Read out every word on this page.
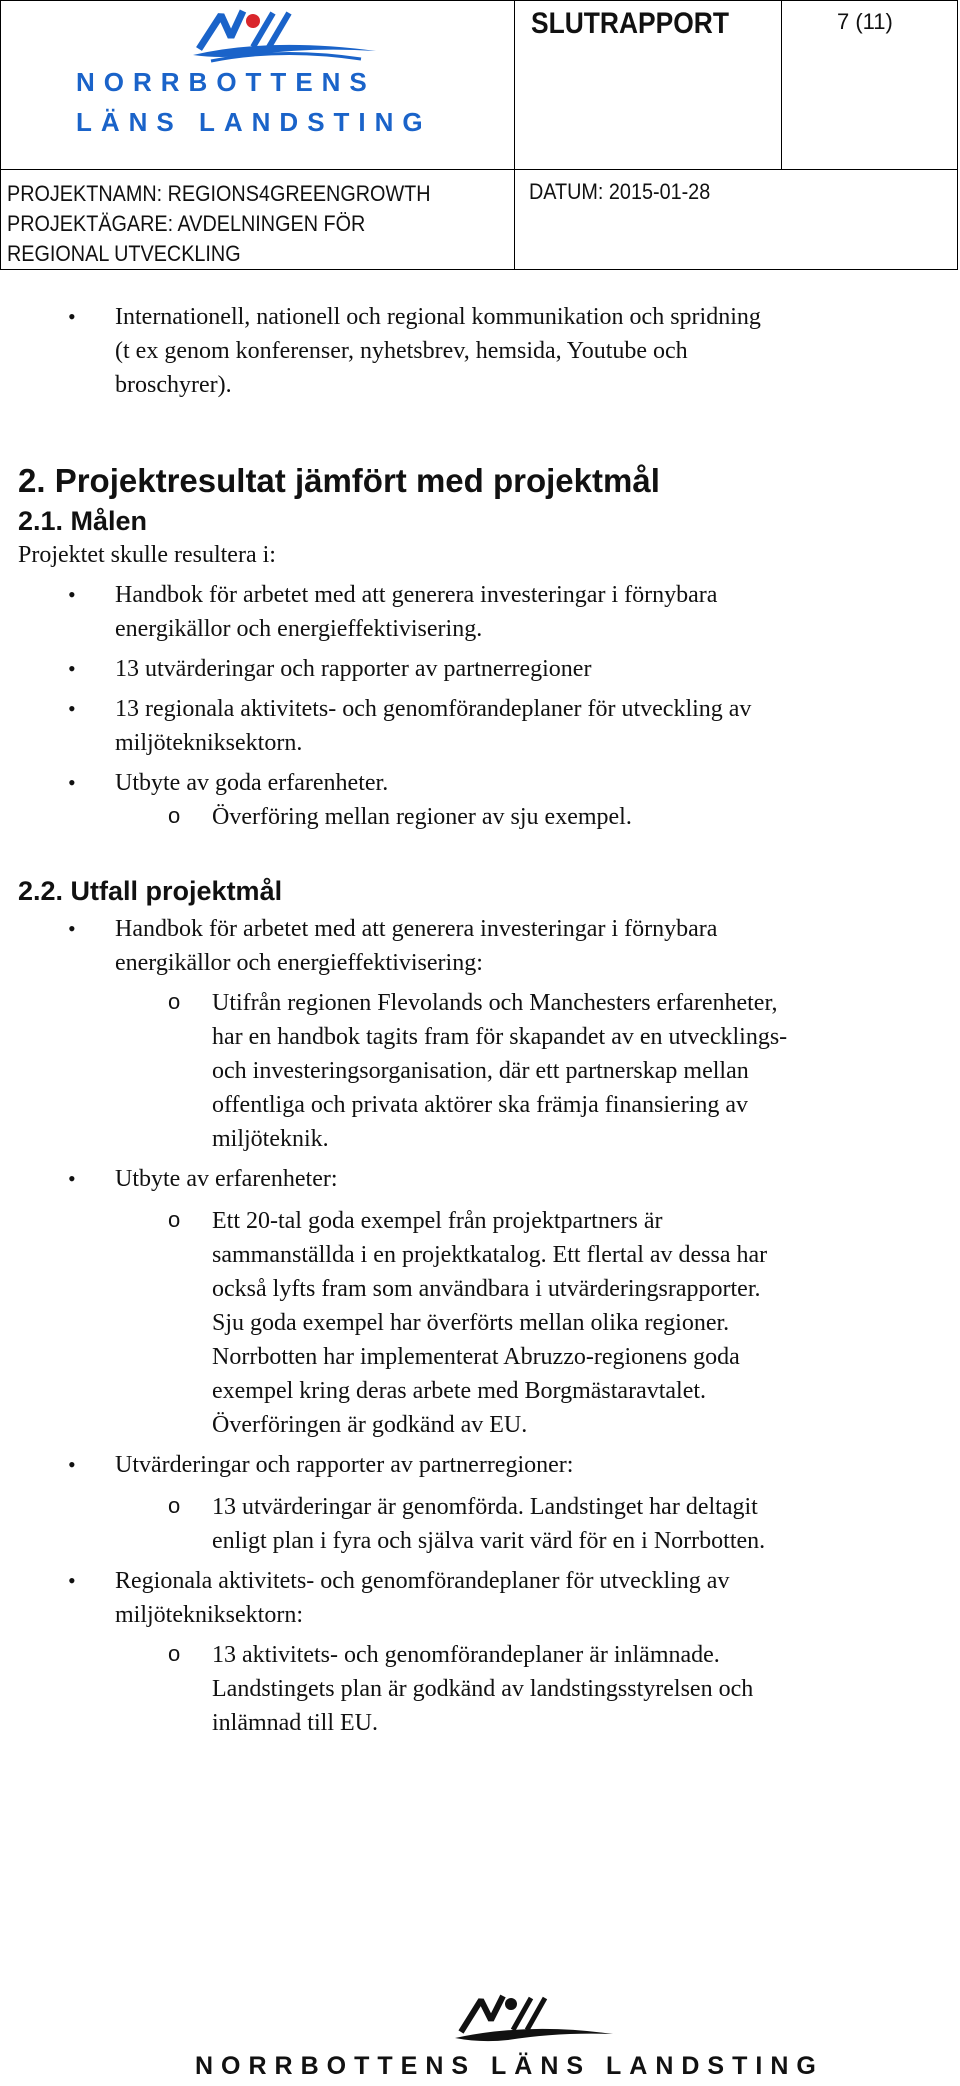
NORRBOTTENS
LÄNS LANDSTING
SLUTRAPPORT	7 (11)
PROJEKTNAMN: REGIONS4GREENGROWTH
PROJEKTÄGARE: AVDELNINGEN FÖR
REGIONAL UTVECKLING
DATUM: 2015-01-28
• Internationell, nationell och regional kommunikation och spridning
(t ex genom konferenser, nyhetsbrev, hemsida, Youtube och
broschyrer).
2. Projektresultat jämfört med projektmål
2.1. Målen
Projektet skulle resultera i:
• Handbok för arbetet med att generera investeringar i förnybara
energikällor och energieffektivisering.
• 13 utvärderingar och rapporter av partnerregioner
• 13 regionala aktivitets- och genomförandeplaner för utveckling av
miljötekniksektorn.
• Utbyte av goda erfarenheter.
o Överföring mellan regioner av sju exempel.
2.2. Utfall projektmål
• Handbok för arbetet med att generera investeringar i förnybara
energikällor och energieffektivisering:
o Utifrån regionen Flevolands och Manchesters erfarenheter,
har en handbok tagits fram för skapandet av en utvecklings-
och investeringsorganisation, där ett partnerskap mellan
offentliga och privata aktörer ska främja finansiering av
miljöteknik.
• Utbyte av erfarenheter:
o Ett 20-tal goda exempel från projektpartners är
sammanställda i en projektkatalog. Ett flertal av dessa har
också lyfts fram som användbara i utvärderingsrapporter.
Sju goda exempel har överförts mellan olika regioner.
Norrbotten har implementerat Abruzzo-regionens goda
exempel kring deras arbete med Borgmästaravtalet.
Överföringen är godkänd av EU.
• Utvärderingar och rapporter av partnerregioner:
o 13 utvärderingar är genomförda. Landstinget har deltagit
enligt plan i fyra och själva varit värd för en i Norrbotten.
• Regionala aktivitets- och genomförandeplaner för utveckling av
miljötekniksektorn:
o 13 aktivitets- och genomförandeplaner är inlämnade.
Landstingets plan är godkänd av landstingsstyrelsen och
inlämnad till EU.
NORRBOTTENS LÄNS LANDSTING
